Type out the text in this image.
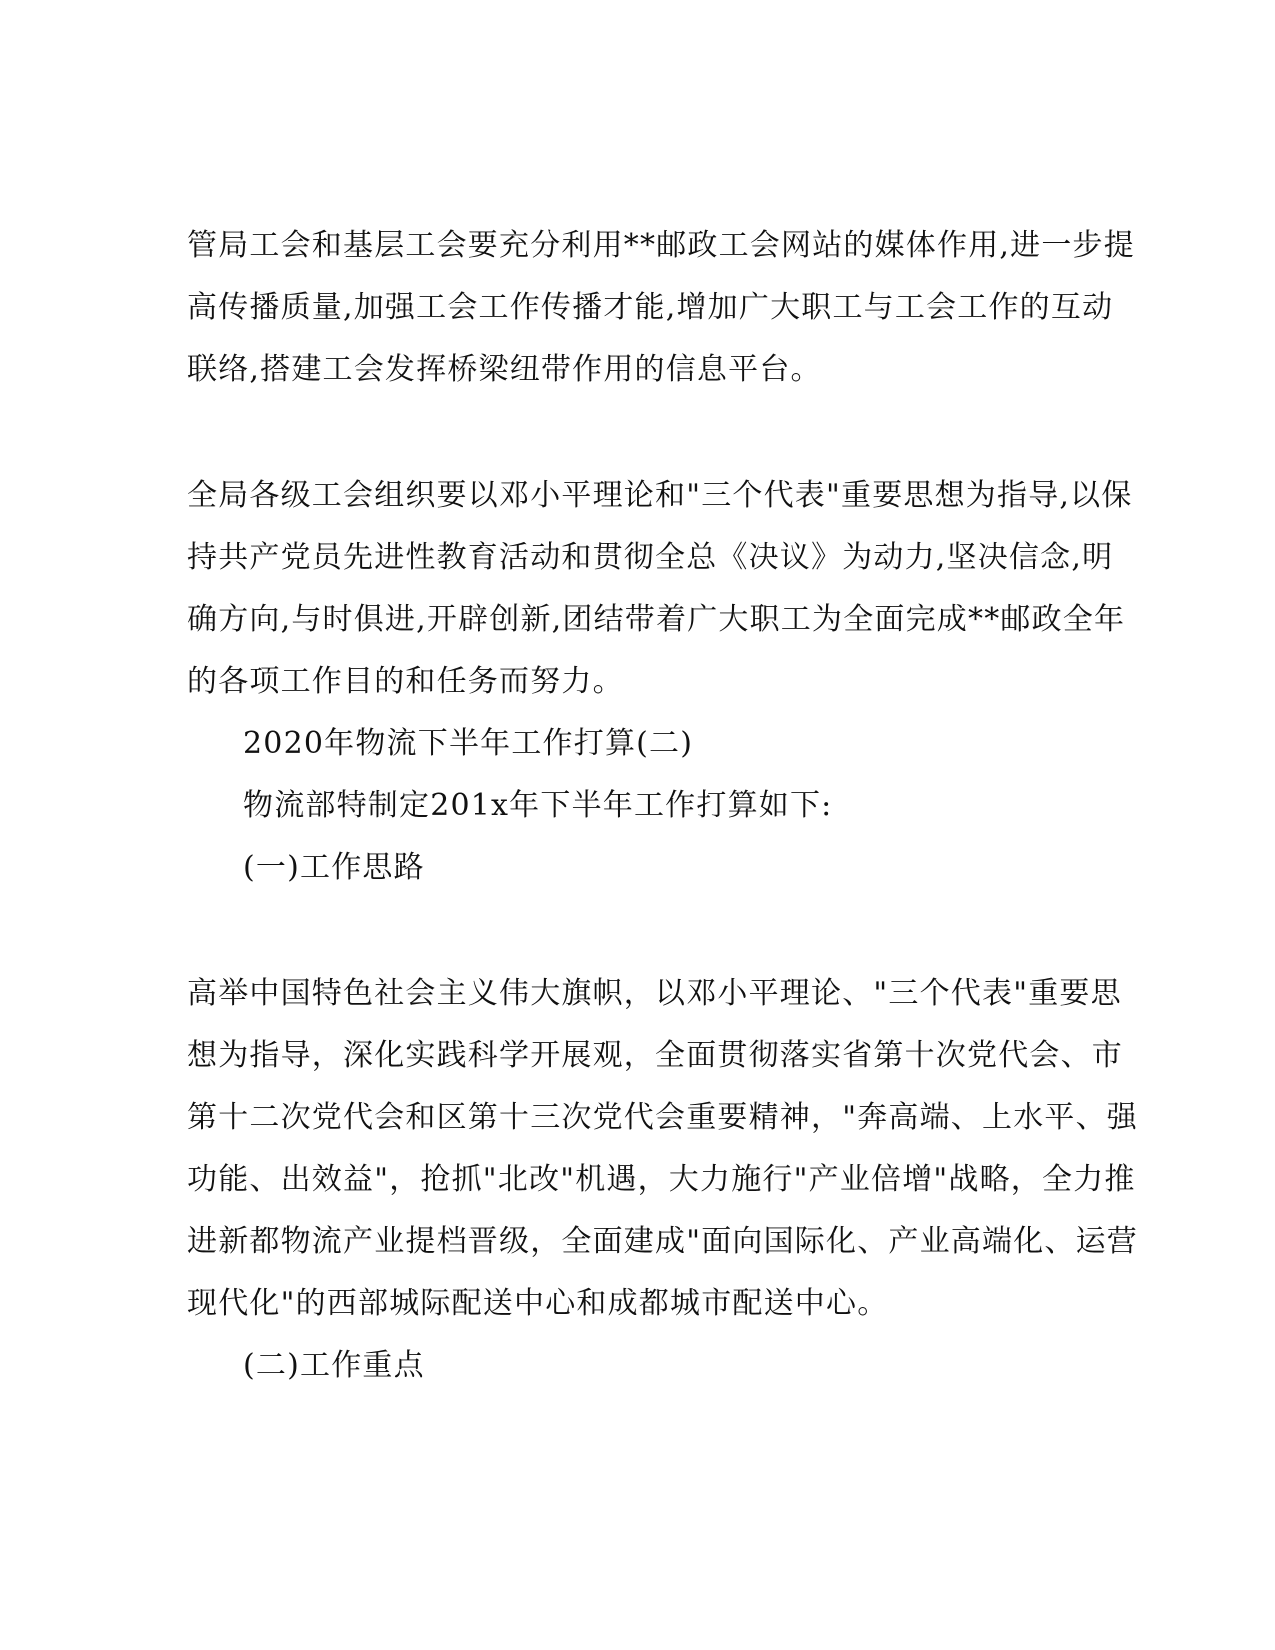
管局工会和基层工会要充分利用**邮政工会网站的媒体作用,进一步提
高传播质量,加强工会工作传播才能,增加广大职工与工会工作的互动
联络,搭建工会发挥桥梁纽带作用的信息平台。
全局各级工会组织要以邓小平理论和"三个代表"重要思想为指导,以保
持共产党员先进性教育活动和贯彻全总《决议》为动力,坚决信念,明
确方向,与时俱进,开辟创新,团结带着广大职工为全面完成**邮政全年
的各项工作目的和任务而努力。
2020年物流下半年工作打算(二)
物流部特制定201x年下半年工作打算如下:
(一)工作思路
高举中国特色社会主义伟大旗帜，以邓小平理论、"三个代表"重要思
想为指导，深化实践科学开展观，全面贯彻落实省第十次党代会、市
第十二次党代会和区第十三次党代会重要精神，"奔高端、上水平、强
功能、出效益"，抢抓"北改"机遇，大力施行"产业倍增"战略，全力推
进新都物流产业提档晋级，全面建成"面向国际化、产业高端化、运营
现代化"的西部城际配送中心和成都城市配送中心。
(二)工作重点
